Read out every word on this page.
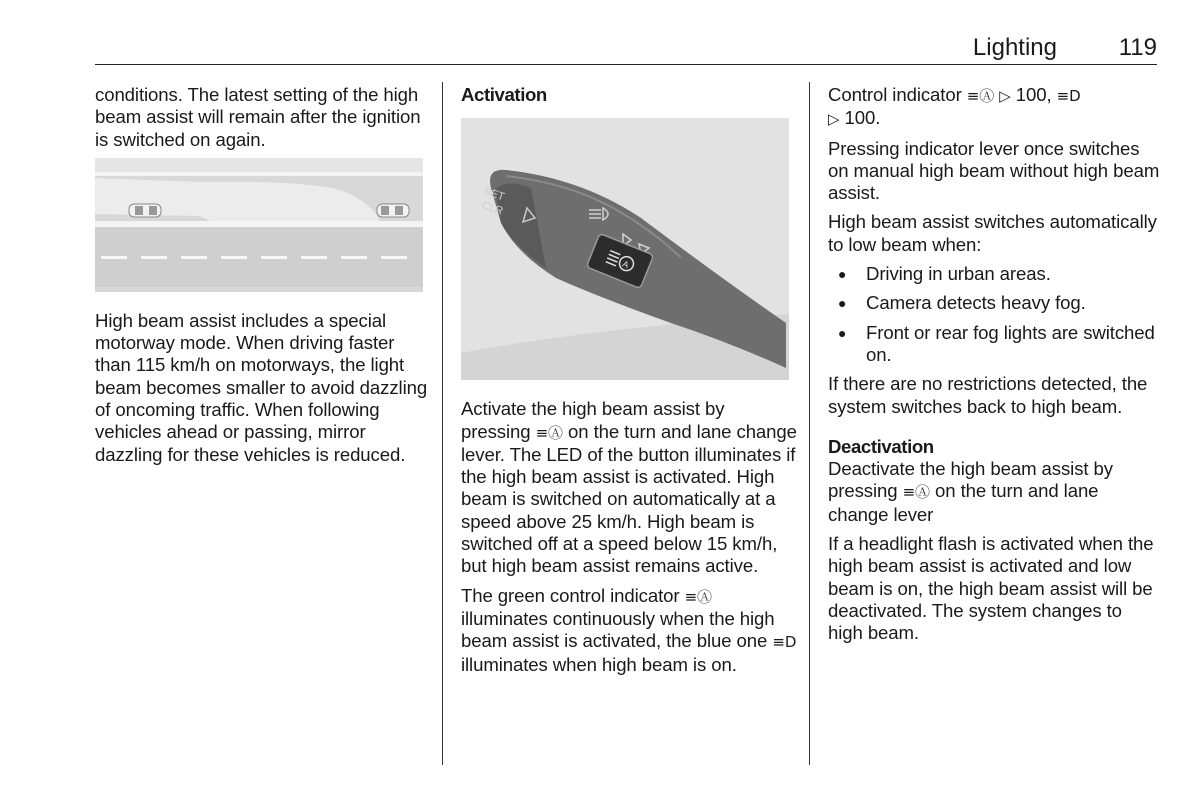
Lighting	119

conditions. The latest setting of the high beam assist will remain after the ignition is switched on again.

High beam assist includes a special motorway mode. When driving faster than 115 km/h on motorways, the light beam becomes smaller to avoid dazzling of oncoming traffic. When following vehicles ahead or passing, mirror dazzling for these vehicles is reduced.

Activation
SET
CLR
A

Activate the high beam assist by pressing ≡Ⓐ on the turn and lane change lever. The LED of the button illuminates if the high beam assist is activated. High beam is switched on automatically at a speed above 25 km/h. High beam is switched off at a speed below 15 km/h, but high beam assist remains active.

The green control indicator ≡Ⓐ illuminates continuously when the high beam assist is activated, the blue one ≡D illuminates when high beam is on.

Control indicator ≡Ⓐ ▷ 100, ≡D
▷ 100.

Pressing indicator lever once switches on manual high beam without high beam assist.

High beam assist switches automatically to low beam when:

● Driving in urban areas.
● Camera detects heavy fog.
● Front or rear fog lights are switched on.

If there are no restrictions detected, the system switches back to high beam.

Deactivation

Deactivate the high beam assist by pressing ≡Ⓐ on the turn and lane change lever

If a headlight flash is activated when the high beam assist is activated and low beam is on, the high beam assist will be deactivated. The system changes to high beam.
